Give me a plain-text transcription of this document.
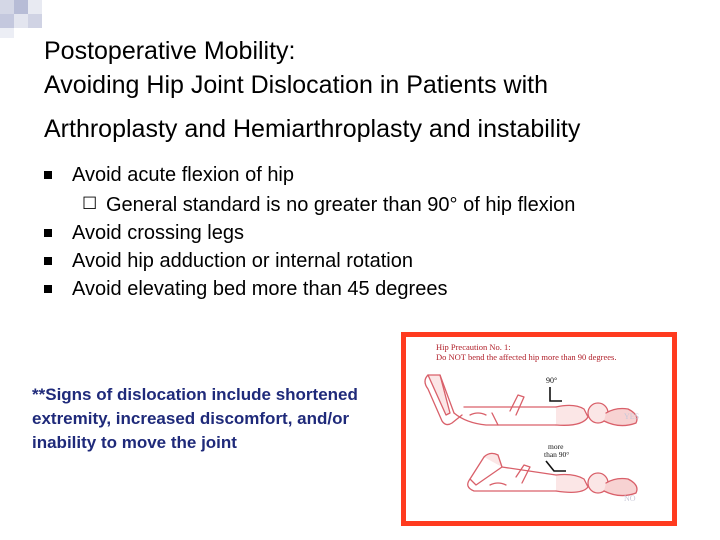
Postoperative Mobility:
Avoiding Hip Joint Dislocation in Patients with
Arthroplasty and Hemiarthroplasty and instability
Avoid acute flexion of hip
☐ General standard is no greater than 90° of hip flexion
Avoid crossing legs
Avoid hip adduction or internal rotation
Avoid elevating bed more than 45 degrees
**Signs of dislocation include shortened extremity, increased discomfort, and/or inability to move the joint
Hip Precaution No. 1:
Do NOT bend the affected hip more than 90 degrees.
90°
YES
more
than 90°
NO
